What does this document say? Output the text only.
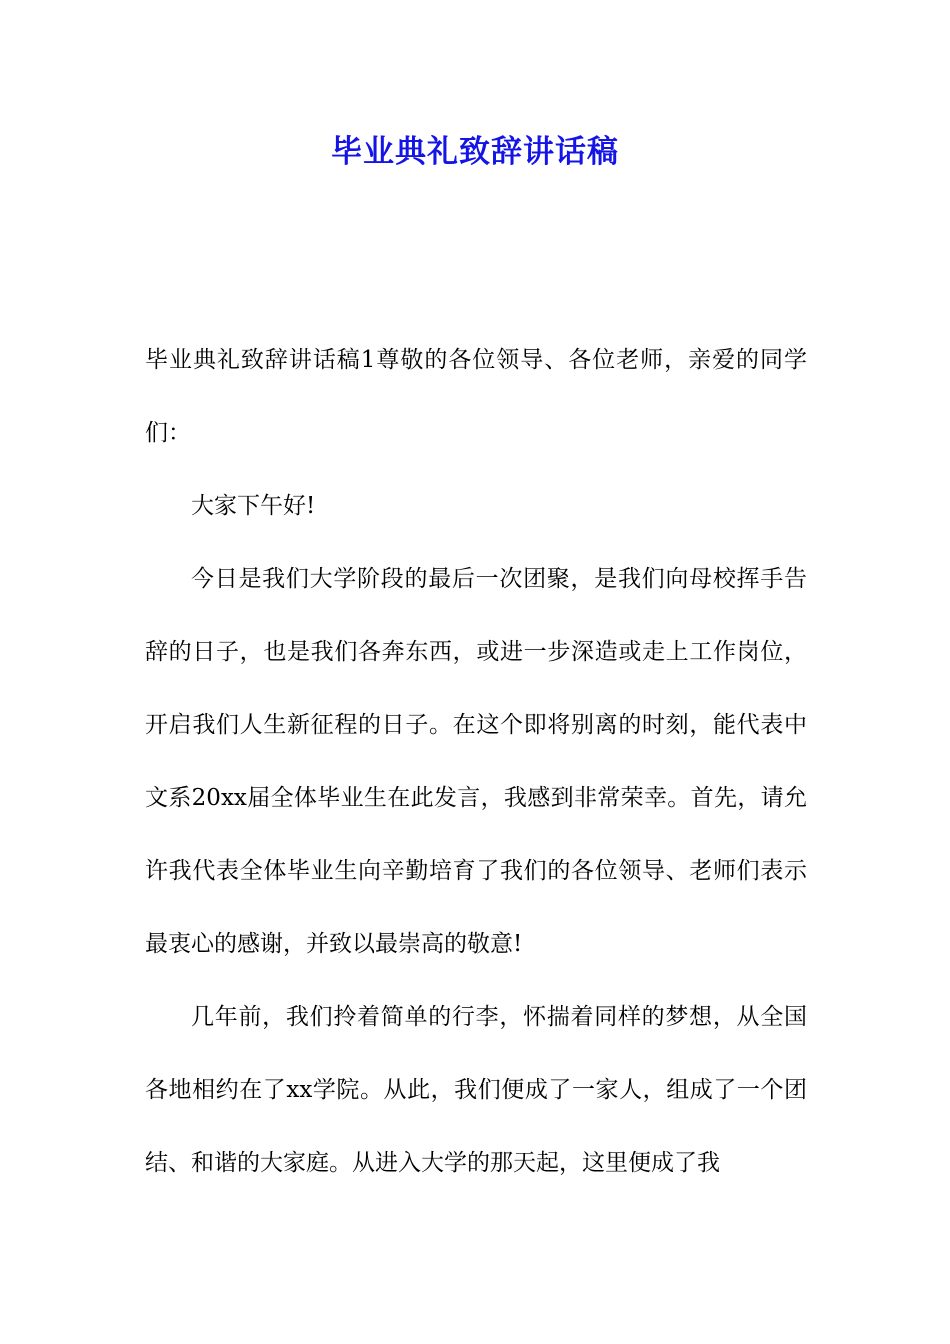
毕业典礼致辞讲话稿

毕业典礼致辞讲话稿1尊敬的各位领导、各位老师，亲爱的同学们：

大家下午好!

今日是我们大学阶段的最后一次团聚，是我们向母校挥手告辞的日子，也是我们各奔东西，或进一步深造或走上工作岗位，开启我们人生新征程的日子。在这个即将别离的时刻，能代表中文系20xx届全体毕业生在此发言，我感到非常荣幸。首先，请允许我代表全体毕业生向辛勤培育了我们的各位领导、老师们表示最衷心的感谢，并致以最崇高的敬意!

几年前，我们拎着简单的行李，怀揣着同样的梦想，从全国各地相约在了xx学院。从此，我们便成了一家人，组成了一个团结、和谐的大家庭。从进入大学的那天起，这里便成了我
